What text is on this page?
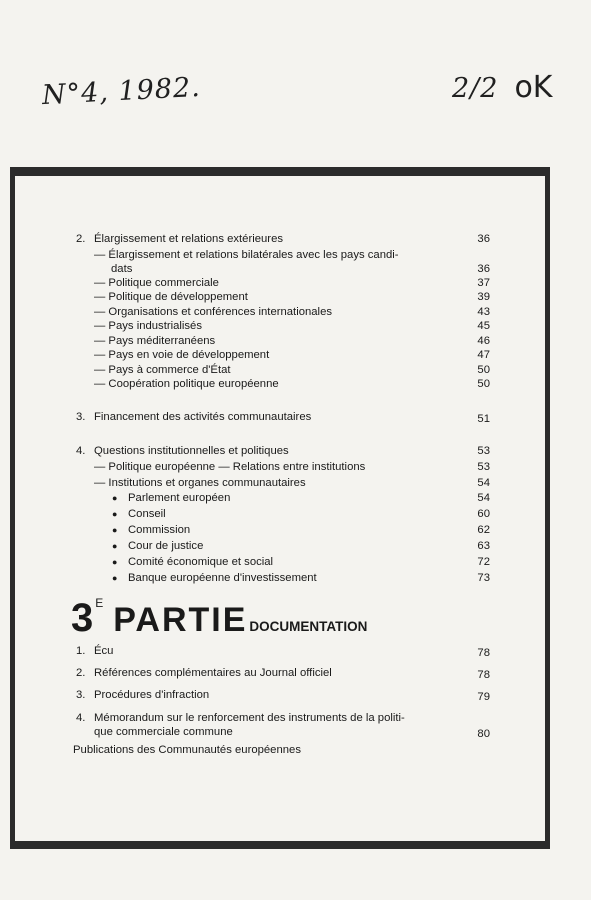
N°4, 1982.	2/2 oK
2. Élargissement et relations extérieures	36
— Élargissement et relations bilatérales avec les pays candi-
dats	36
— Politique commerciale	37
— Politique de développement	39
— Organisations et conférences internationales	43
— Pays industrialisés	45
— Pays méditerranéens	46
— Pays en voie de développement	47
— Pays à commerce d'État	50
— Coopération politique européenne	50
3. Financement des activités communautaires	51
4. Questions institutionnelles et politiques	53
— Politique européenne — Relations entre institutions	53
— Institutions et organes communautaires	54
● Parlement européen	54
● Conseil	60
● Commission	62
● Cour de justice	63
● Comité économique et social	72
● Banque européenne d'investissement	73
3 E PARTIE DOCUMENTATION
1. Écu	78
2. Références complémentaires au Journal officiel	78
3. Procédures d'infraction	79
4. Mémorandum sur le renforcement des instruments de la politi-
que commerciale commune	80
Publications des Communautés européennes
